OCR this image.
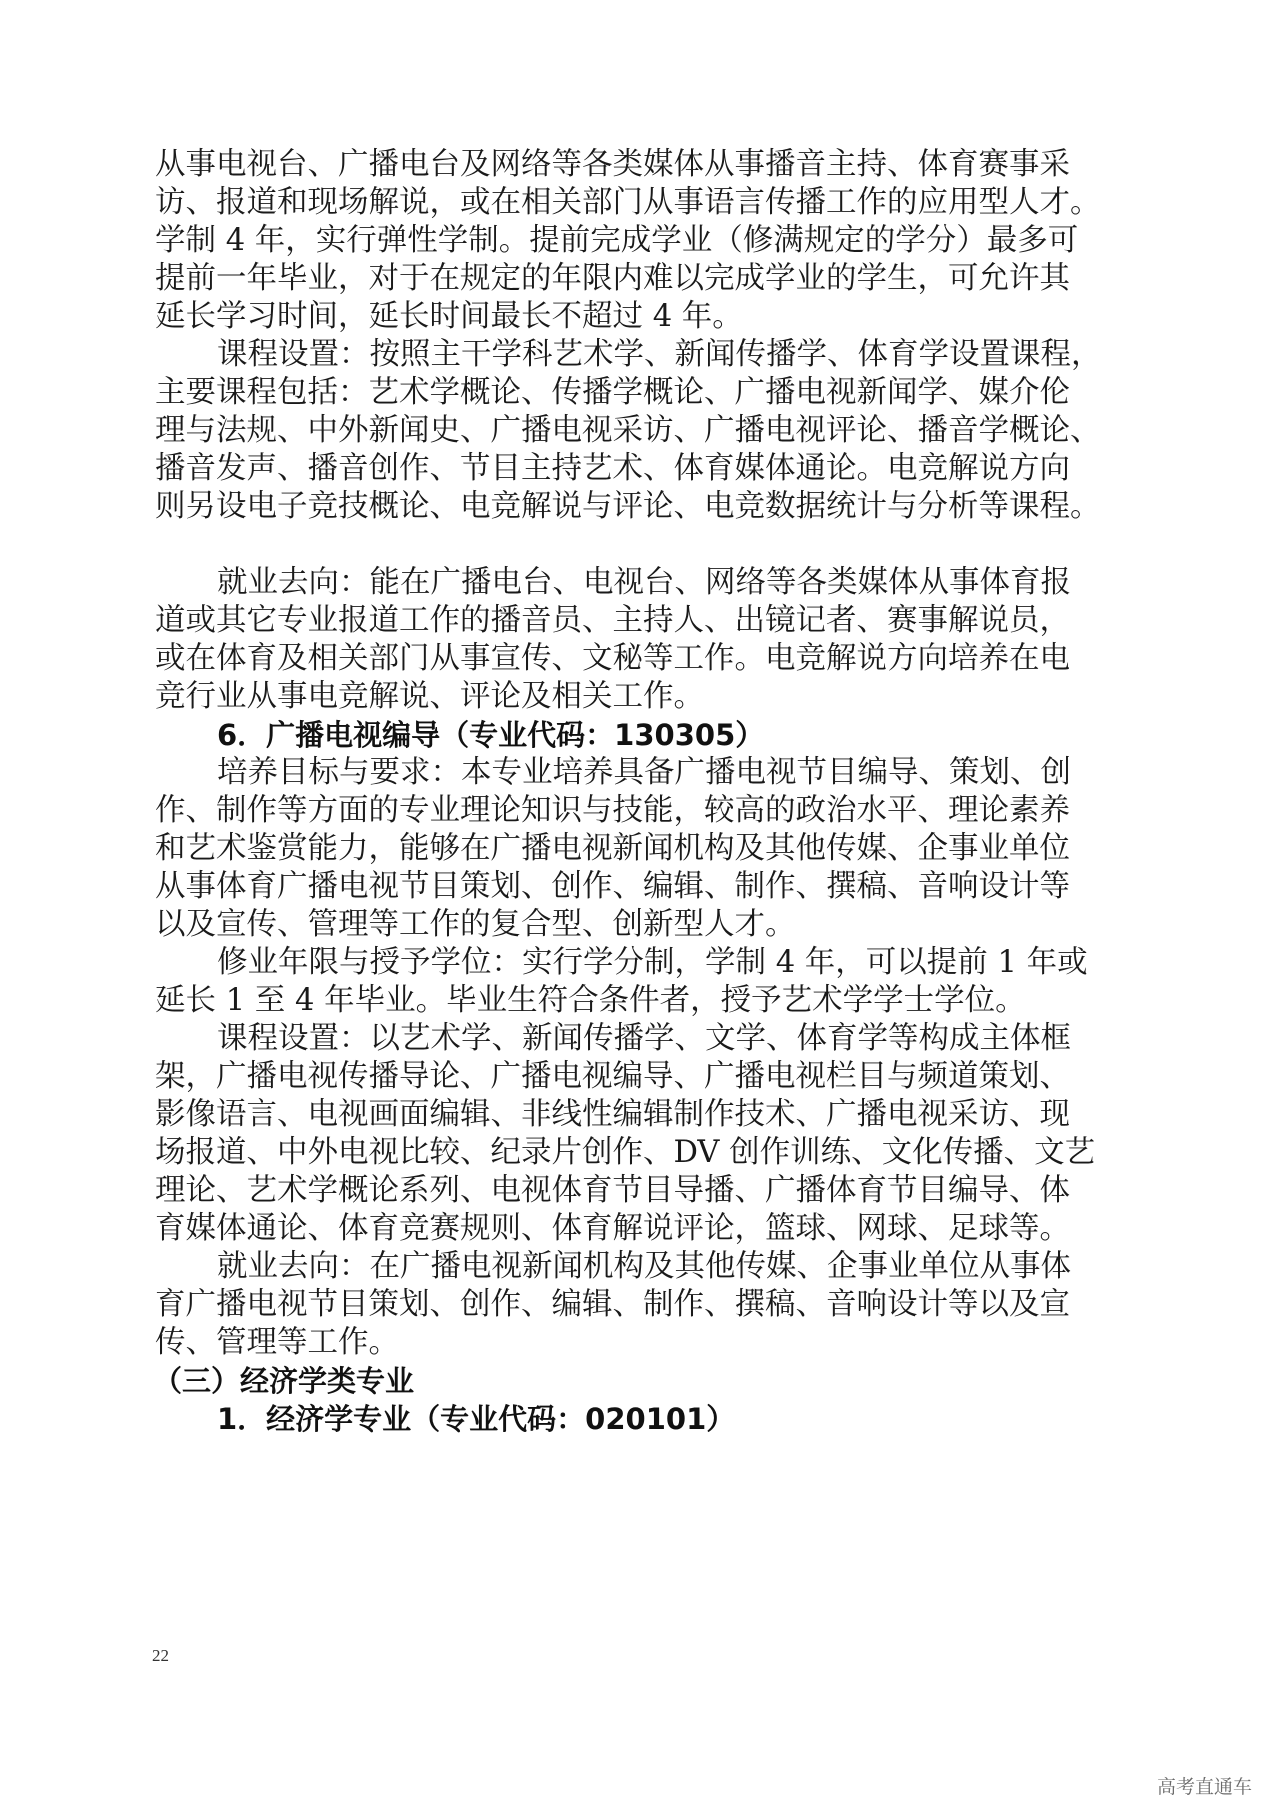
从事电视台、广播电台及网络等各类媒体从事播音主持、体育赛事采
访、报道和现场解说，或在相关部门从事语言传播工作的应用型人才。
学制 4 年，实行弹性学制。提前完成学业（修满规定的学分）最多可
提前一年毕业，对于在规定的年限内难以完成学业的学生，可允许其
延长学习时间，延长时间最长不超过 4 年。
课程设置：按照主干学科艺术学、新闻传播学、体育学设置课程，
主要课程包括：艺术学概论、传播学概论、广播电视新闻学、媒介伦
理与法规、中外新闻史、广播电视采访、广播电视评论、播音学概论、
播音发声、播音创作、节目主持艺术、体育媒体通论。电竞解说方向
则另设电子竞技概论、电竞解说与评论、电竞数据统计与分析等课程。
就业去向：能在广播电台、电视台、网络等各类媒体从事体育报
道或其它专业报道工作的播音员、主持人、出镜记者、赛事解说员，
或在体育及相关部门从事宣传、文秘等工作。电竞解说方向培养在电
竞行业从事电竞解说、评论及相关工作。
6．广播电视编导（专业代码：130305）
培养目标与要求：本专业培养具备广播电视节目编导、策划、创
作、制作等方面的专业理论知识与技能，较高的政治水平、理论素养
和艺术鉴赏能力，能够在广播电视新闻机构及其他传媒、企事业单位
从事体育广播电视节目策划、创作、编辑、制作、撰稿、音响设计等
以及宣传、管理等工作的复合型、创新型人才。
修业年限与授予学位：实行学分制，学制 4 年，可以提前 1 年或
延长 1 至 4 年毕业。毕业生符合条件者，授予艺术学学士学位。
课程设置：以艺术学、新闻传播学、文学、体育学等构成主体框
架，广播电视传播导论、广播电视编导、广播电视栏目与频道策划、
影像语言、电视画面编辑、非线性编辑制作技术、广播电视采访、现
场报道、中外电视比较、纪录片创作、DV 创作训练、文化传播、文艺
理论、艺术学概论系列、电视体育节目导播、广播体育节目编导、体
育媒体通论、体育竞赛规则、体育解说评论，篮球、网球、足球等。
就业去向：在广播电视新闻机构及其他传媒、企事业单位从事体
育广播电视节目策划、创作、编辑、制作、撰稿、音响设计等以及宣
传、管理等工作。
（三）经济学类专业
1．经济学专业（专业代码：020101）
22
高考直通车
